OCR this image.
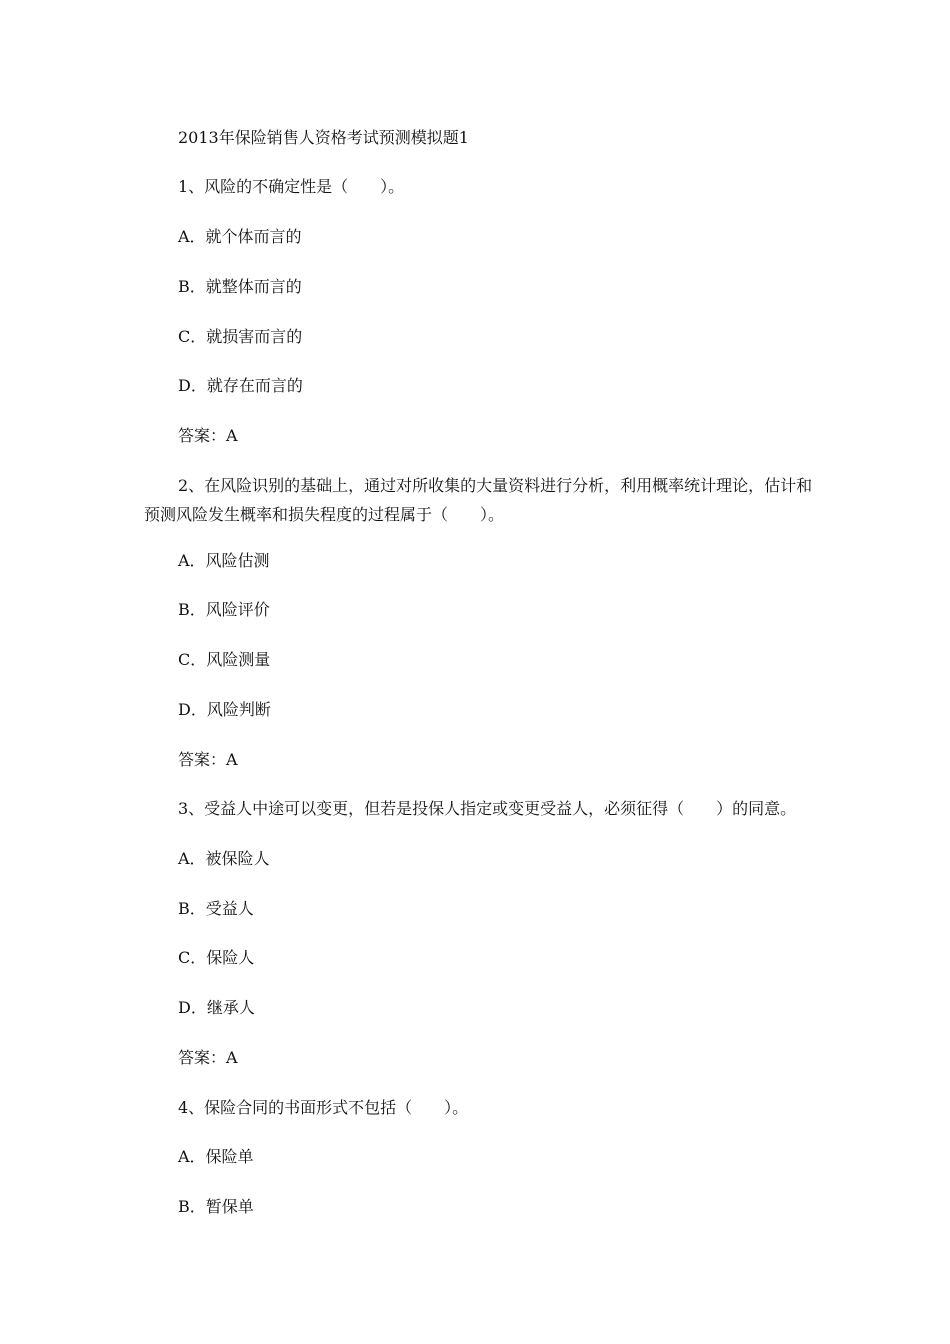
2013年保险销售人资格考试预测模拟题1
1、风险的不确定性是（　　）。
A．就个体而言的
B．就整体而言的
C．就损害而言的
D．就存在而言的
答案：A
2、在风险识别的基础上，通过对所收集的大量资料进行分析，利用概率统计理论，估计和预测风险发生概率和损失程度的过程属于（　　）。
A．风险估测
B．风险评价
C．风险测量
D．风险判断
答案：A
3、受益人中途可以变更，但若是投保人指定或变更受益人，必须征得（　　）的同意。
A．被保险人
B．受益人
C．保险人
D．继承人
答案：A
4、保险合同的书面形式不包括（　　）。
A．保险单
B．暂保单
